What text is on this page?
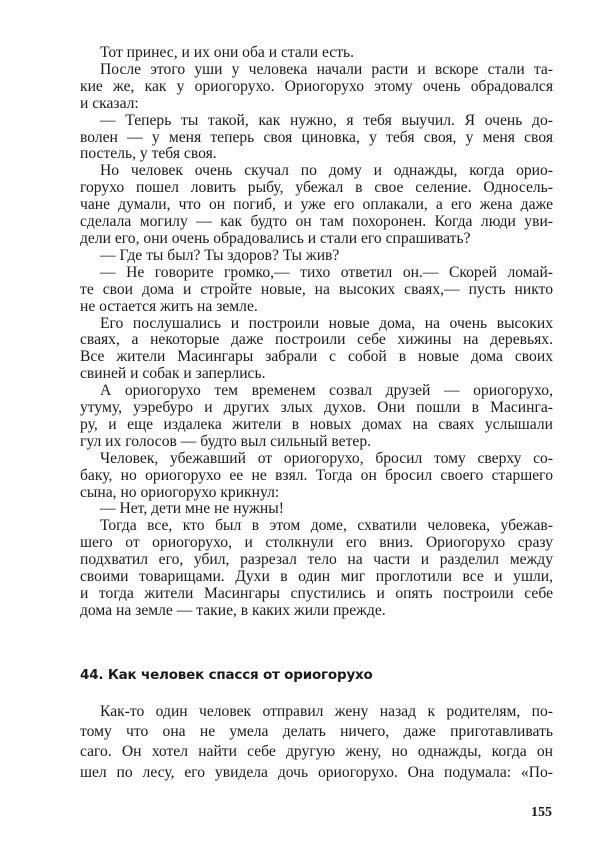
Тот принес, и их они оба и стали есть.
После этого уши у человека начали расти и вскоре стали та-
кие же, как у ориогорухо. Ориогорухо этому очень обрадовался
и сказал:
— Теперь ты такой, как нужно, я тебя выучил. Я очень до-
волен — у меня теперь своя циновка, у тебя своя, у меня своя
постель, у тебя своя.
Но человек очень скучал по дому и однажды, когда орио-
горухо пошел ловить рыбу, убежал в свое селение. Односель-
чане думали, что он погиб, и уже его оплакали, а его жена даже
сделала могилу — как будто он там похоронен. Когда люди уви-
дели его, они очень обрадовались и стали его спрашивать?
— Где ты был? Ты здоров? Ты жив?
— Не говорите громко,— тихо ответил он.— Скорей ломай-
те свои дома и стройте новые, на высоких сваях,— пусть никто
не остается жить на земле.
Его послушались и построили новые дома, на очень высоких
сваях, а некоторые даже построили себе хижины на деревьях.
Все жители Масингары забрали с собой в новые дома своих
свиней и собак и заперлись.
А ориогорухо тем временем созвал друзей — ориогорухо,
утуму, уэребуро и других злых духов. Они пошли в Масинга-
ру, и еще издалека жители в новых домах на сваях услышали
гул их голосов — будто выл сильный ветер.
Человек, убежавший от ориогорухо, бросил тому сверху со-
баку, но ориогорухо ее не взял. Тогда он бросил своего старшего
сына, но ориогорухо крикнул:
— Нет, дети мне не нужны!
Тогда все, кто был в этом доме, схватили человека, убежав-
шего от ориогорухо, и столкнули его вниз. Ориогорухо сразу
подхватил его, убил, разрезал тело на части и разделил между
своими товарищами. Духи в один миг проглотили все и ушли,
и тогда жители Масингары спустились и опять построили себе
дома на земле — такие, в каких жили прежде.
44. Как человек спасся от ориогорухо
Как-то один человек отправил жену назад к родителям, по-
тому что она не умела делать ничего, даже приготавливать
саго. Он хотел найти себе другую жену, но однажды, когда он
шел по лесу, его увидела дочь ориогорухо. Она подумала: «По-
155
